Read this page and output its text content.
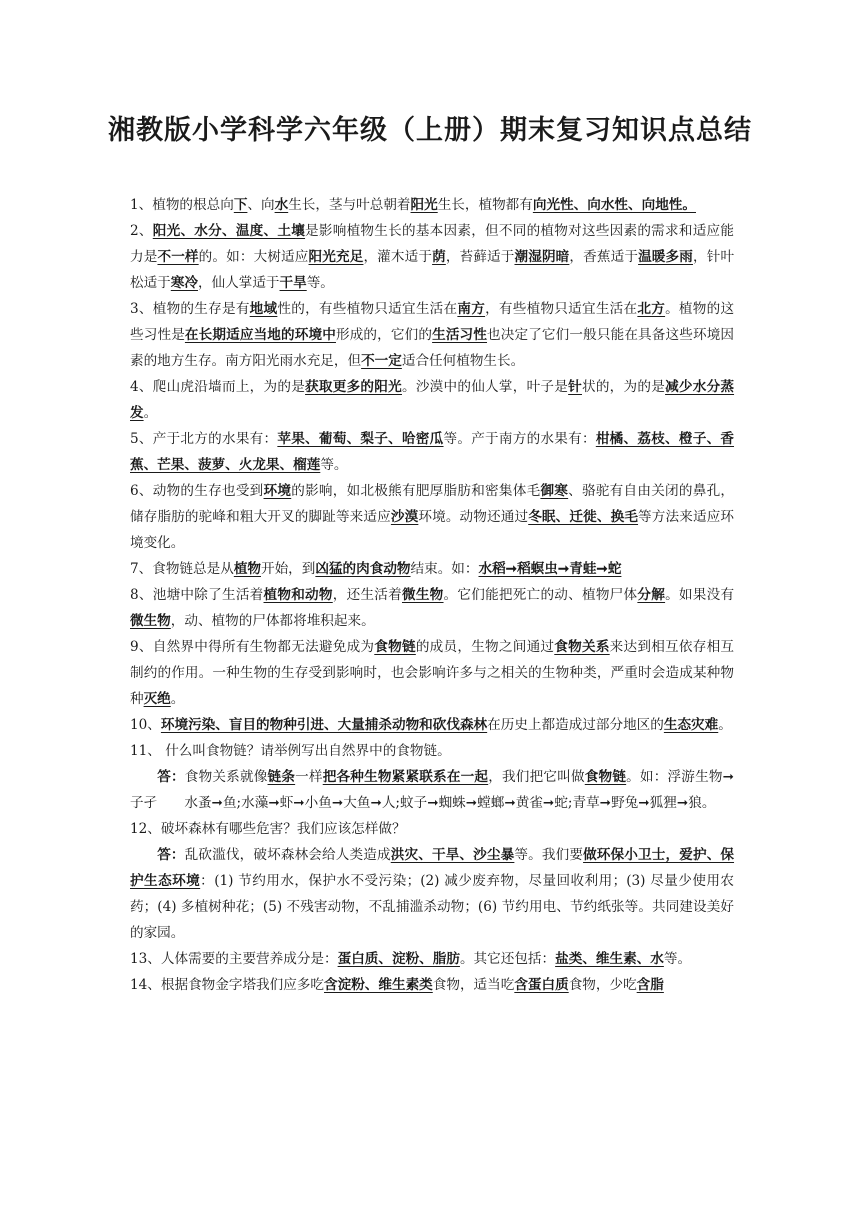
湘教版小学科学六年级（上册）期末复习知识点总结

1、植物的根总向下、向水生长，茎与叶总朝着阳光生长，植物都有向光性、向水性、向地性。

2、阳光、水分、温度、土壤是影响植物生长的基本因素，但不同的植物对这些因素的需求和适应能力是不一样的。如：大树适应阳光充足，灌木适于荫，苔藓适于潮湿阴暗，香蕉适于温暖多雨，针叶松适于寒冷，仙人掌适于干旱等。

3、植物的生存是有地域性的，有些植物只适宜生活在南方，有些植物只适宜生活在北方。植物的这些习性是在长期适应当地的环境中形成的，它们的生活习性也决定了它们一般只能在具备这些环境因素的地方生存。南方阳光雨水充足，但不一定适合任何植物生长。

4、爬山虎沿墙而上，为的是获取更多的阳光。沙漠中的仙人掌，叶子是针状的，为的是减少水分蒸发。

5、产于北方的水果有：苹果、葡萄、梨子、哈密瓜等。产于南方的水果有：柑橘、荔枝、橙子、香蕉、芒果、菠萝、火龙果、榴莲等。

6、动物的生存也受到环境的影响，如北极熊有肥厚脂肪和密集体毛御寒、骆驼有自由关闭的鼻孔，储存脂肪的驼峰和粗大开叉的脚趾等来适应沙漠环境。动物还通过冬眠、迁徙、换毛等方法来适应环境变化。

7、食物链总是从植物开始，到凶猛的肉食动物结束。如：水稻➞稻螟虫➞青蛙➞蛇

8、池塘中除了生活着植物和动物，还生活着微生物。它们能把死亡的动、植物尸体分解。如果没有微生物，动、植物的尸体都将堆积起来。

9、自然界中得所有生物都无法避免成为食物链的成员，生物之间通过食物关系来达到相互依存相互制约的作用。一种生物的生存受到影响时，也会影响许多与之相关的生物种类，严重时会造成某种物种灭绝。

10、环境污染、盲目的物种引进、大量捕杀动物和砍伐森林在历史上都造成过部分地区的生态灾难。

11、 什么叫食物链？请举例写出自然界中的食物链。

答：食物关系就像链条一样把各种生物紧紧联系在一起，我们把它叫做食物链。如：浮游生物➞子孑　　水蚤➞鱼;水藻➞虾➞小鱼➞大鱼➞人;蚊子➞蜘蛛➞螳螂➞黄雀➞蛇;青草➞野兔➞狐狸➞狼。

12、破坏森林有哪些危害？我们应该怎样做？

答：乱砍滥伐，破坏森林会给人类造成洪灾、干旱、沙尘暴等。我们要做环保小卫士，爱护、保护生态环境：(1) 节约用水，保护水不受污染；(2) 减少废弃物，尽量回收利用；(3) 尽量少使用农药；(4) 多植树种花；(5) 不残害动物，不乱捕滥杀动物；(6) 节约用电、节约纸张等。共同建设美好的家园。

13、人体需要的主要营养成分是：蛋白质、淀粉、脂肪。其它还包括：盐类、维生素、水等。

14、根据食物金字塔我们应多吃含淀粉、维生素类食物，适当吃含蛋白质食物，少吃含脂
